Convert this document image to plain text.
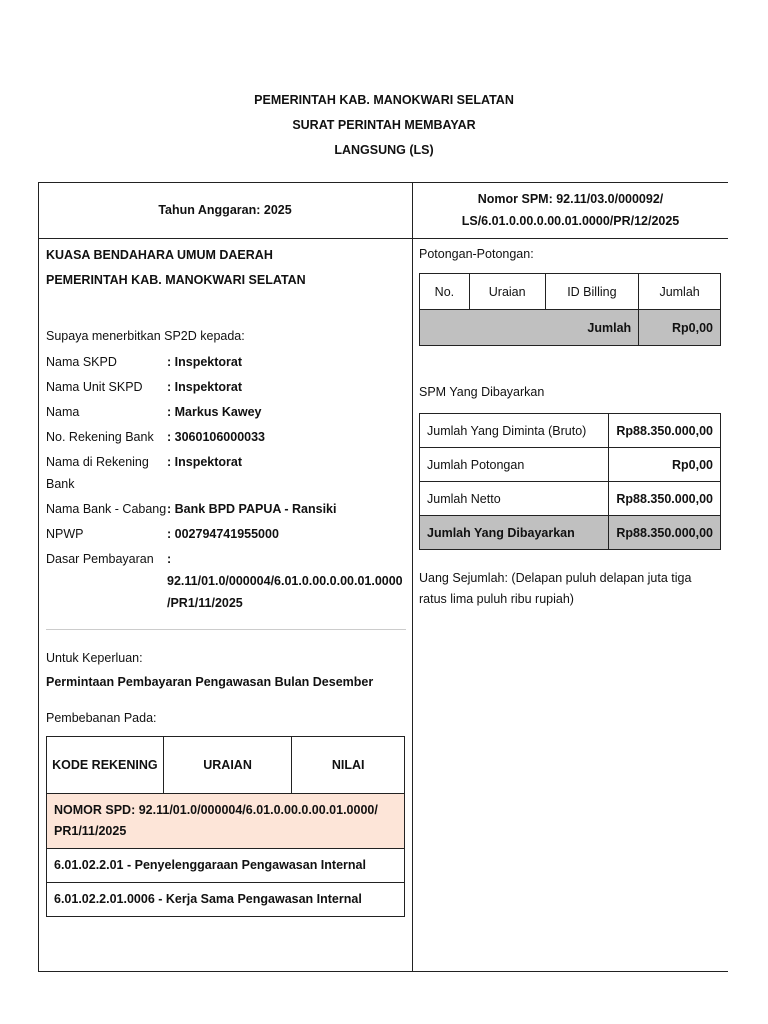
PEMERINTAH KAB. MANOKWARI SELATAN
SURAT PERINTAH MEMBAYAR
LANGSUNG (LS)
Tahun Anggaran: 2025
Nomor SPM: 92.11/03.0/000092/
LS/6.01.0.00.0.00.01.0000/PR/12/2025
KUASA BENDAHARA UMUM DAERAH
PEMERINTAH KAB. MANOKWARI SELATAN
Supaya menerbitkan SP2D kepada:
Nama SKPD	: Inspektorat
Nama Unit SKPD	: Inspektorat
Nama	: Markus Kawey
No. Rekening Bank	: 3060106000033
Nama di Rekening Bank
: Inspektorat
Nama Bank - Cabang : Bank BPD PAPUA - Ransiki
NPWP	: 002794741955000
Dasar Pembayaran	: 92.11/01.0/000004/6.01.0.00.0.00.01.0000 /PR1/11/2025
Untuk Keperluan:
Permintaan Pembayaran Pengawasan Bulan Desember
Pembebanan Pada:
KODE REKENING	URAIAN	NILAI
NOMOR SPD: 92.11/01.0/000004/6.01.0.00.0.00.01.0000/ PR1/11/2025
6.01.02.2.01 - Penyelenggaraan Pengawasan Internal
6.01.02.2.01.0006 - Kerja Sama Pengawasan Internal
Potongan-Potongan:
No.	Uraian	ID Billing	Jumlah
Jumlah			Rp0,00
SPM Yang Dibayarkan
Jumlah Yang Diminta (Bruto)	Rp88.350.000,00
Jumlah Potongan	Rp0,00
Jumlah Netto	Rp88.350.000,00
Jumlah Yang Dibayarkan	Rp88.350.000,00
Uang Sejumlah: (Delapan puluh delapan juta tiga ratus lima puluh ribu rupiah)
